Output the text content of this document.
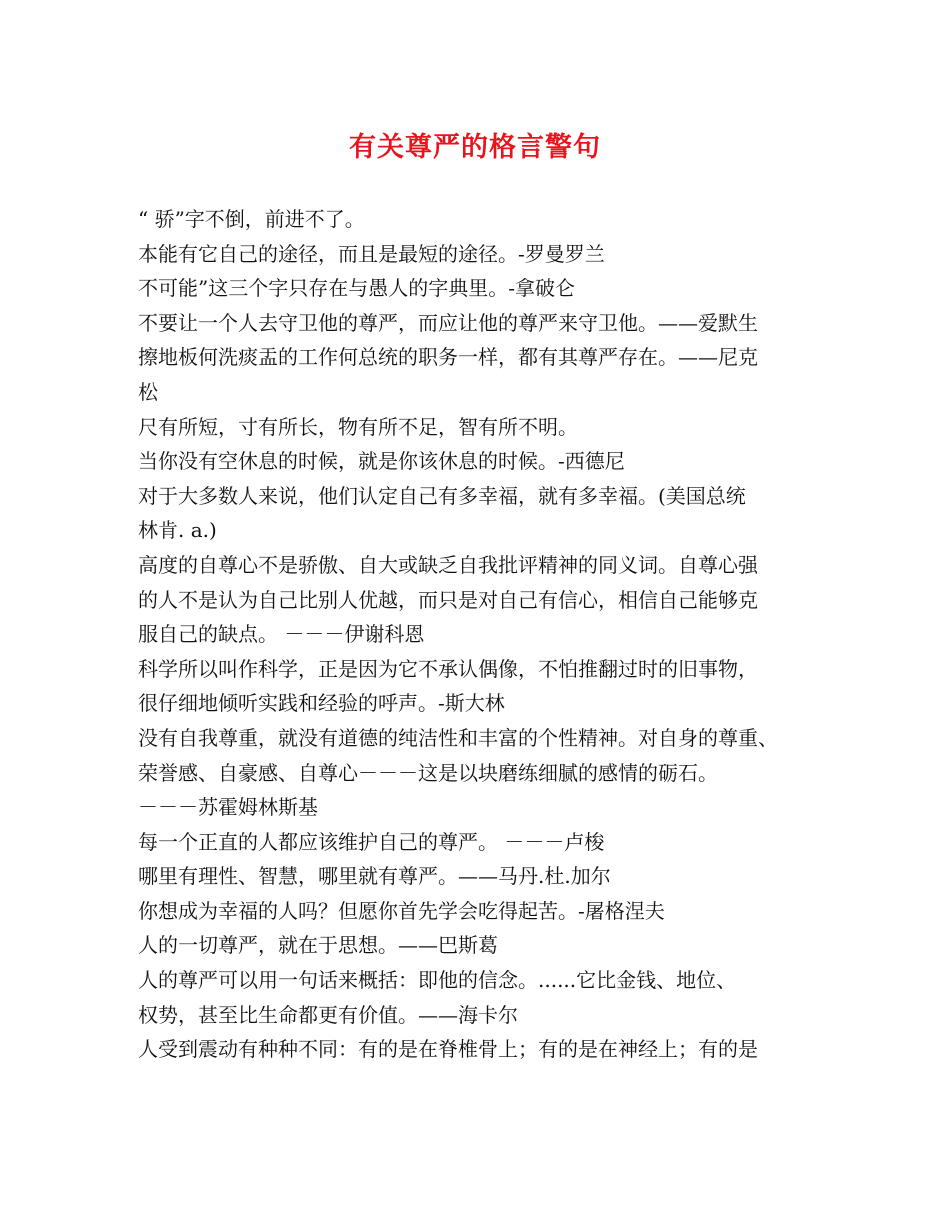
有关尊严的格言警句
“ 骄”字不倒，前进不了。
本能有它自己的途径，而且是最短的途径。-罗曼罗兰
不可能”这三个字只存在与愚人的字典里。-拿破仑
不要让一个人去守卫他的尊严，而应让他的尊严来守卫他。——爱默生
擦地板何洗痰盂的工作何总统的职务一样，都有其尊严存在。——尼克
松
尺有所短，寸有所长，物有所不足，智有所不明。
当你没有空休息的时候，就是你该休息的时候。-西德尼
对于大多数人来说，他们认定自己有多幸福，就有多幸福。(美国总统
林肯. a.)
高度的自尊心不是骄傲、自大或缺乏自我批评精神的同义词。自尊心强
的人不是认为自己比别人优越，而只是对自己有信心，相信自己能够克
服自己的缺点。 －－－伊谢科恩
科学所以叫作科学，正是因为它不承认偶像，不怕推翻过时的旧事物，
很仔细地倾听实践和经验的呼声。-斯大林
没有自我尊重，就没有道德的纯洁性和丰富的个性精神。对自身的尊重、
荣誉感、自豪感、自尊心－－－这是以块磨练细腻的感情的砺石。
－－－苏霍姆林斯基
每一个正直的人都应该维护自己的尊严。 －－－卢梭
哪里有理性、智慧，哪里就有尊严。——马丹.杜.加尔
你想成为幸福的人吗？但愿你首先学会吃得起苦。-屠格涅夫
人的一切尊严，就在于思想。——巴斯葛
人的尊严可以用一句话来概括：即他的信念。......它比金钱、地位、
权势，甚至比生命都更有价值。——海卡尔
人受到震动有种种不同：有的是在脊椎骨上；有的是在神经上；有的是
